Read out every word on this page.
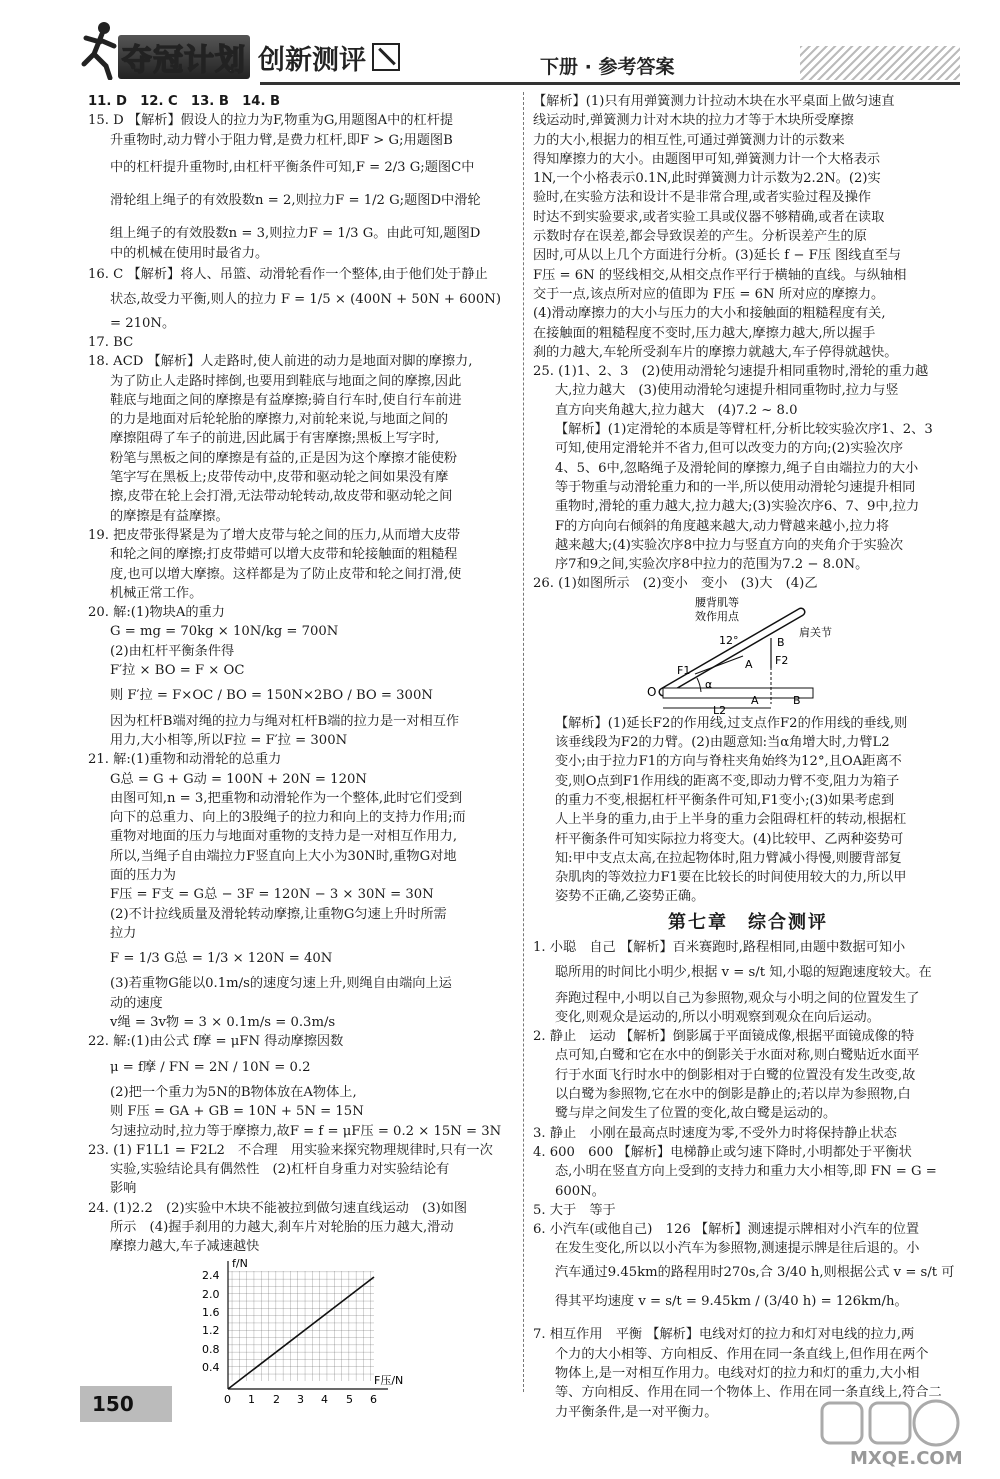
夺冠计划 创新测评	下册 · 参考答案
11. D　12. C　13. B　14. B
15. D 【解析】假设人的拉力为F,物重为G,用题图A中的杠杆提
升重物时,动力臂小于阻力臂,是费力杠杆,即F > G;用题图B
中的杠杆提升重物时,由杠杆平衡条件可知,F = 2/3 G;题图C中
滑轮组上绳子的有效股数n = 2,则拉力F = 1/2 G;题图D中滑轮
组上绳子的有效股数n = 3,则拉力F = 1/3 G。由此可知,题图D
中的机械在使用时最省力。
16. C 【解析】将人、吊篮、动滑轮看作一个整体,由于他们处于静止
状态,故受力平衡,则人的拉力 F = 1/5 × (400N + 50N + 600N)
= 210N。
17. BC
18. ACD 【解析】人走路时,使人前进的动力是地面对脚的摩擦力,
为了防止人走路时摔倒,也要用到鞋底与地面之间的摩擦,因此
鞋底与地面之间的摩擦是有益摩擦;骑自行车时,使自行车前进
的力是地面对后轮轮胎的摩擦力,对前轮来说,与地面之间的
摩擦阻碍了车子的前进,因此属于有害摩擦;黑板上写字时,
粉笔与黑板之间的摩擦是有益的,正是因为这个摩擦才能使粉
笔字写在黑板上;皮带传动中,皮带和驱动轮之间如果没有摩
擦,皮带在轮上会打滑,无法带动轮转动,故皮带和驱动轮之间
的摩擦是有益摩擦。
19. 把皮带张得紧是为了增大皮带与轮之间的压力,从而增大皮带
和轮之间的摩擦;打皮带蜡可以增大皮带和轮接触面的粗糙程
度,也可以增大摩擦。这样都是为了防止皮带和轮之间打滑,使
机械正常工作。
20. 解:(1)物块A的重力
G = mg = 70kg × 10N/kg = 700N
(2)由杠杆平衡条件得
F′拉 × BO = F × OC
则 F′拉 = F×OC / BO = 150N×2BO / BO = 300N
因为杠杆B端对绳的拉力与绳对杠杆B端的拉力是一对相互作
用力,大小相等,所以F拉 = F′拉 = 300N
21. 解:(1)重物和动滑轮的总重力
G总 = G + G动 = 100N + 20N = 120N
由图可知,n = 3,把重物和动滑轮作为一个整体,此时它们受到
向下的总重力、向上的3股绳子的拉力和向上的支持力作用;而
重物对地面的压力与地面对重物的支持力是一对相互作用力,
所以,当绳子自由端拉力F竖直向上大小为30N时,重物G对地
面的压力为
F压 = F支 = G总 − 3F = 120N − 3 × 30N = 30N
(2)不计拉线质量及滑轮转动摩擦,让重物G匀速上升时所需
拉力
F = 1/3 G总 = 1/3 × 120N = 40N
(3)若重物G能以0.1m/s的速度匀速上升,则绳自由端向上运
动的速度
v绳 = 3v物 = 3 × 0.1m/s = 0.3m/s
22. 解:(1)由公式 f摩 = μFN 得动摩擦因数
μ = f摩 / FN = 2N / 10N = 0.2
(2)把一个重力为5N的B物体放在A物体上,
则 F压 = GA + GB = 10N + 5N = 15N
匀速拉动时,拉力等于摩擦力,故F = f = μF压 = 0.2 × 15N = 3N
23. (1) F1L1 = F2L2　不合理　用实验来探究物理规律时,只有一次
实验,实验结论具有偶然性　(2)杠杆自身重力对实验结论有
影响
24. (1)2.2　(2)实验中木块不能被拉到做匀速直线运动　(3)如图
所示　(4)握手刹用的力越大,刹车片对轮胎的压力越大,滑动
摩擦力越大,车子减速越快
f/N
F压/N
0.4
0.8
1.2
1.6
2.0
2.4
0 1 2 3 4 5 6
【解析】(1)只有用弹簧测力计拉动木块在水平桌面上做匀速直
线运动时,弹簧测力计对木块的拉力才等于木块所受摩擦
力的大小,根据力的相互性,可通过弹簧测力计的示数来
得知摩擦力的大小。由题图甲可知,弹簧测力计一个大格表示
1N,一个小格表示0.1N,此时弹簧测力计示数为2.2N。(2)实
验时,在实验方法和设计不是非常合理,或者实验过程及操作
时达不到实验要求,或者实验工具或仪器不够精确,或者在读取
示数时存在误差,都会导致误差的产生。分析误差产生的原
因时,可从以上几个方面进行分析。(3)延长 f − F压 图线直至与
F压 = 6N 的竖线相交,从相交点作平行于横轴的直线。与纵轴相
交于一点,该点所对应的值即为 F压 = 6N 所对应的摩擦力。
(4)滑动摩擦力的大小与压力的大小和接触面的粗糙程度有关,
在接触面的粗糙程度不变时,压力越大,摩擦力越大,所以握手
刹的力越大,车轮所受刹车片的摩擦力就越大,车子停得就越快。
25. (1)1、2、3　(2)使用动滑轮匀速提升相同重物时,滑轮的重力越
大,拉力越大　(3)使用动滑轮匀速提升相同重物时,拉力与竖
直方向夹角越大,拉力越大　(4)7.2 ~ 8.0
【解析】(1)定滑轮的本质是等臂杠杆,分析比较实验次序1、2、3
可知,使用定滑轮并不省力,但可以改变力的方向;(2)实验次序
4、5、6中,忽略绳子及滑轮间的摩擦力,绳子自由端拉力的大小
等于物重与动滑轮重力和的一半,所以使用动滑轮匀速提升相同
重物时,滑轮的重力越大,拉力越大;(3)实验次序6、7、9中,拉力
F的方向向右倾斜的角度越来越大,动力臂越来越小,拉力将
越来越大;(4)实验次序8中拉力与竖直方向的夹角介于实验次
序7和9之间,实验次序8中拉力的范围为7.2 − 8.0N。
26. (1)如图所示　(2)变小　变小　(3)大　(4)乙
腰背肌等
效作用点
肩关节
12°
F1
F2
A
B
O
α
L2
A	B
【解析】(1)延长F2的作用线,过支点作F2的作用线的垂线,则
该垂线段为F2的力臂。(2)由题意知:当α角增大时,力臂L2
变小;由于拉力F1的方向与脊柱夹角始终为12°,且OA距离不
变,则O点到F1作用线的距离不变,即动力臂不变,阻力为箱子
的重力不变,根据杠杆平衡条件可知,F1变小;(3)如果考虑到
人上半身的重力,由于上半身的重力会阻碍杠杆的转动,根据杠
杆平衡条件可知实际拉力将变大。(4)比较甲、乙两种姿势可
知:甲中支点太高,在拉起物体时,阻力臂减小得慢,则腰背部复
杂肌肉的等效拉力F1要在比较长的时间使用较大的力,所以甲
姿势不正确,乙姿势正确。
第七章　综合测评
1. 小聪　自己 【解析】百米赛跑时,路程相同,由题中数据可知小
聪所用的时间比小明少,根据 v = s/t 知,小聪的短跑速度较大。在
奔跑过程中,小明以自己为参照物,观众与小明之间的位置发生了
变化,则观众是运动的,所以小明观察到观众在向后运动。
2. 静止　运动 【解析】倒影属于平面镜成像,根据平面镜成像的特
点可知,白鹭和它在水中的倒影关于水面对称,则白鹭贴近水面平
行于水面飞行时水中的倒影相对于白鹭的位置没有发生改变,故
以白鹭为参照物,它在水中的倒影是静止的;若以岸为参照物,白
鹭与岸之间发生了位置的变化,故白鹭是运动的。
3. 静止　小刚在最高点时速度为零,不受外力时将保持静止状态
4. 600　600 【解析】电梯静止或匀速下降时,小明都处于平衡状
态,小明在竖直方向上受到的支持力和重力大小相等,即 FN = G =
600N。
5. 大于　等于
6. 小汽车(或他自己)　126 【解析】测速提示牌相对小汽车的位置
在发生变化,所以以小汽车为参照物,测速提示牌是往后退的。小
汽车通过9.45km的路程用时270s,合 3/40 h,则根据公式 v = s/t 可
得其平均速度 v = s/t = 9.45km / (3/40 h) = 126km/h。
7. 相互作用　平衡 【解析】电线对灯的拉力和灯对电线的拉力,两
个力的大小相等、方向相反、作用在同一条直线上,但作用在两个
物体上,是一对相互作用力。电线对灯的拉力和灯的重力,大小相
等、方向相反、作用在同一个物体上、作用在同一条直线上,符合二
力平衡条件,是一对平衡力。
150
MXQE.COM
